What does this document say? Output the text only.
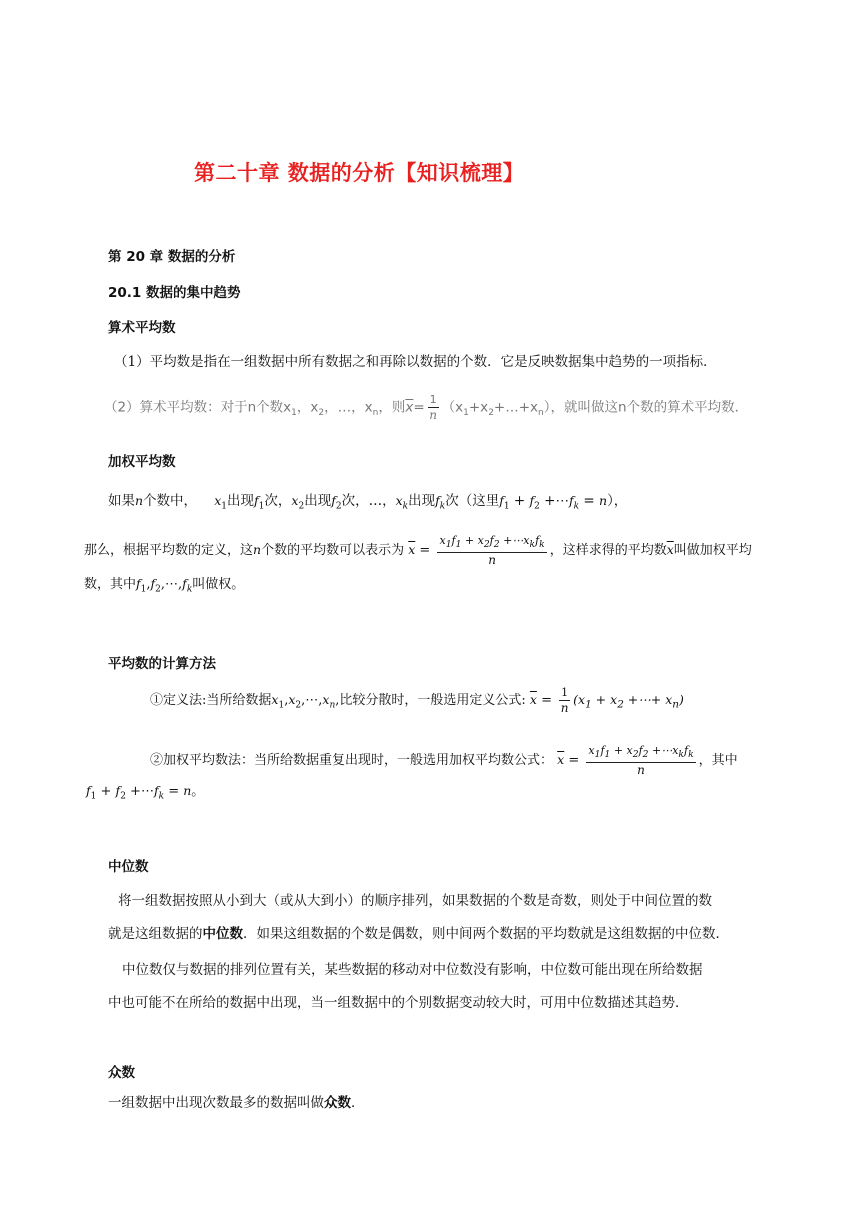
第二十章 数据的分析【知识梳理】
第 20 章 数据的分析
20.1 数据的集中趋势
算术平均数
（1）平均数是指在一组数据中所有数据之和再除以数据的个数．它是反映数据集中趋势的一项指标．
（2）算术平均数：对于n个数$x_1$，$x_2$，…，$x_n$，则$\overline{x}= \frac{1}{n}$ $(x_1+x_2+\dots+x_n)$，就叫做这n个数的算术平均数．
加权平均数
如果n个数中， $x_1$出现$f_1$次，$x_2$出现$f_2$次，…，$x_k$出现$f_k$次（这里$f_1 + f_2$ $+\cdots f_k = n$），
那么，根据平均数的定义，这n个数的平均数可以表示为 $\overline{x} = \frac{x_1f_1 + x_2f_2 +\cdots x_kf_k}{n}$ ，这样求得的平均数$\overline{x}$叫做加权平均
数，其中$f_1,f_2,\cdots,f_k$叫做权。
平均数的计算方法
①定义法:当所给数据$x_1,x_2,\cdots,x_n$,比较分散时，一般选用定义公式: $\overline{x} = \frac{1}{n} (x_1 + x_2$ +⋯+ $x_n$)
②加权平均数法：当所给数据重复出现时，一般选用加权平均数公式： $\overline{x} = \frac{x_1f_1 + x_2f_2 +\cdots x_kf_k}{n}$ ，其中
$f_1 + f_2$ $+\cdots f_k = n$。
中位数
将一组数据按照从小到大（或从大到小）的顺序排列，如果数据的个数是奇数，则处于中间位置的数
就是这组数据的中位数．如果这组数据的个数是偶数，则中间两个数据的平均数就是这组数据的中位数．
中位数仅与数据的排列位置有关，某些数据的移动对中位数没有影响，中位数可能出现在所给数据
中也可能不在所给的数据中出现，当一组数据中的个别数据变动较大时，可用中位数描述其趋势．
众数
一组数据中出现次数最多的数据叫做众数．
